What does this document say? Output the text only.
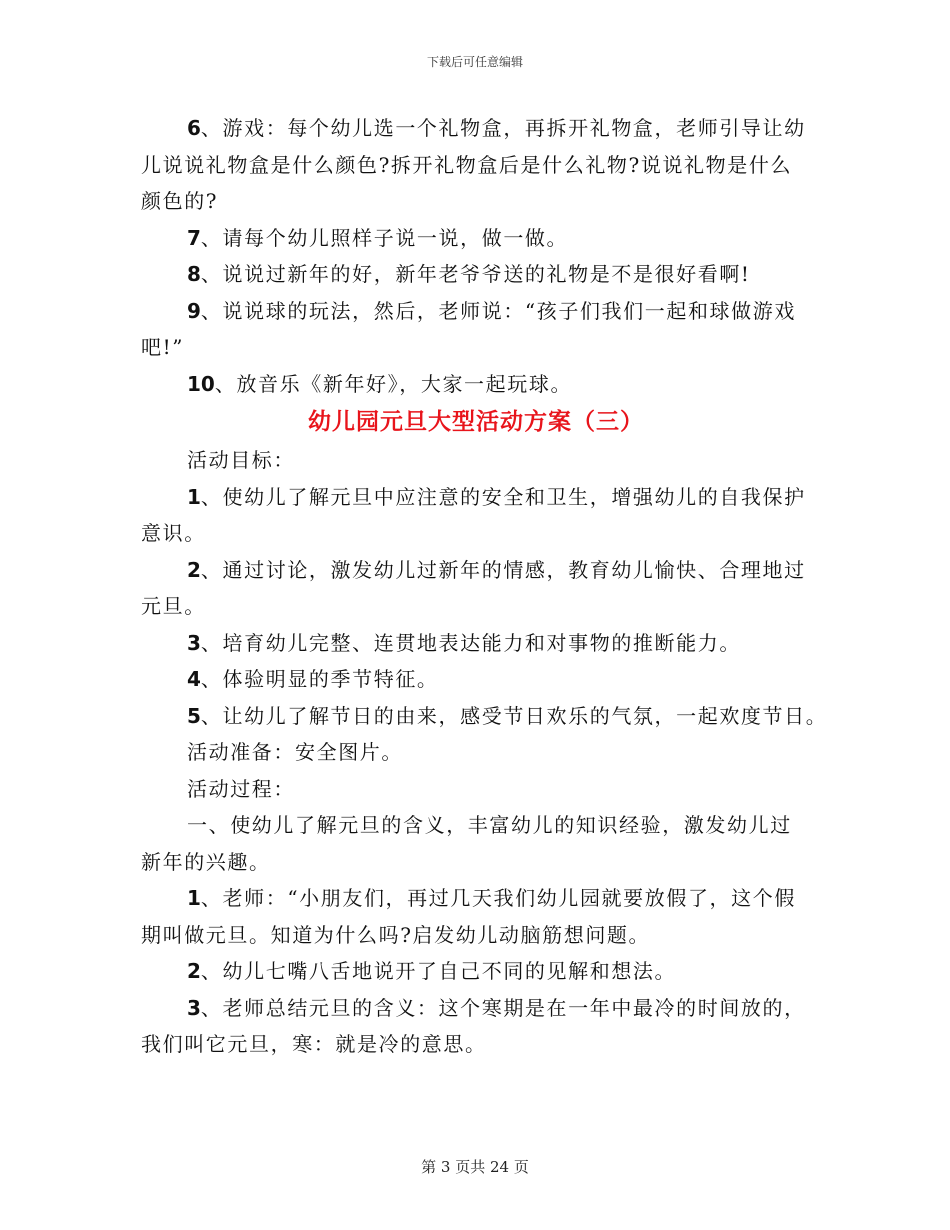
下载后可任意编辑
6、游戏：每个幼儿选一个礼物盒，再拆开礼物盒，老师引导让幼
儿说说礼物盒是什么颜色?拆开礼物盒后是什么礼物?说说礼物是什么
颜色的?
7、请每个幼儿照样子说一说，做一做。
8、说说过新年的好，新年老爷爷送的礼物是不是很好看啊!
9、说说球的玩法，然后，老师说：“孩子们我们一起和球做游戏
吧!”
10、放音乐《新年好》，大家一起玩球。
幼儿园元旦大型活动方案（三）
活动目标：
1、使幼儿了解元旦中应注意的安全和卫生，增强幼儿的自我保护
意识。
2、通过讨论，激发幼儿过新年的情感，教育幼儿愉快、合理地过
元旦。
3、培育幼儿完整、连贯地表达能力和对事物的推断能力。
4、体验明显的季节特征。
5、让幼儿了解节日的由来，感受节日欢乐的气氛，一起欢度节日。
活动准备：安全图片。
活动过程：
一、使幼儿了解元旦的含义，丰富幼儿的知识经验，激发幼儿过
新年的兴趣。
1、老师：“小朋友们，再过几天我们幼儿园就要放假了，这个假
期叫做元旦。知道为什么吗?启发幼儿动脑筋想问题。
2、幼儿七嘴八舌地说开了自己不同的见解和想法。
3、老师总结元旦的含义：这个寒期是在一年中最冷的时间放的，
我们叫它元旦，寒：就是冷的意思。
第 3 页共 24 页
